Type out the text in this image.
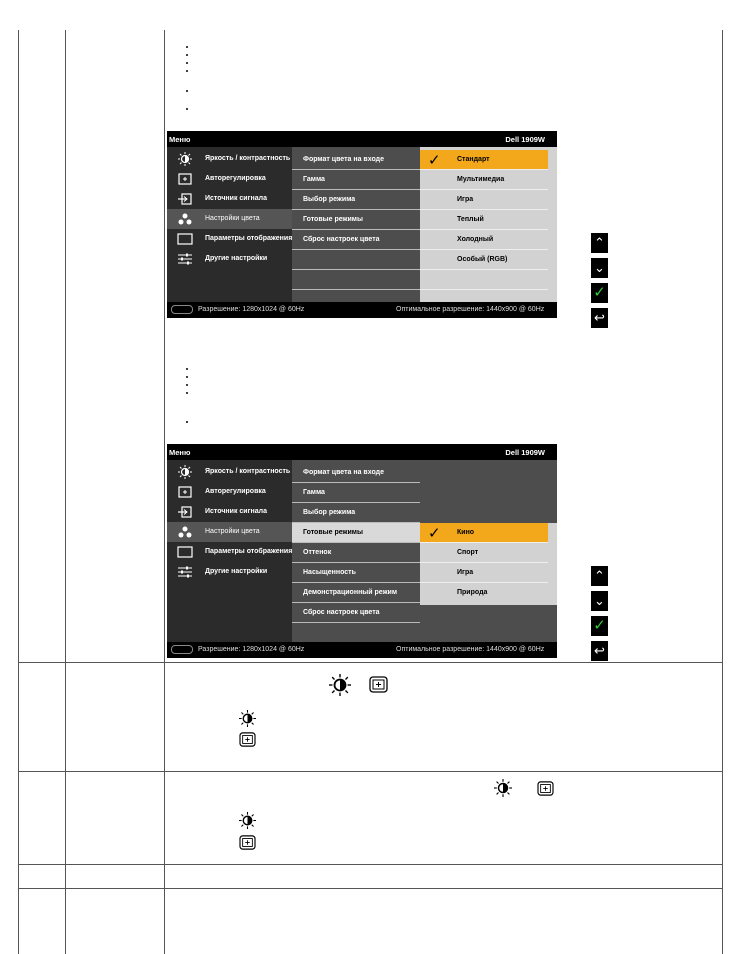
Меню	Dell 1909W
Яркость / контрастность
Авторегулировка
Источник сигнала
Настройки цвета
Параметры отображения
Другие настройки
Формат цвета на входе
Гамма
Выбор режима
Готовые режимы
Сброс настроек цвета
✓ Стандарт
Мультимедиа
Игра
Теплый
Холодный
Особый (RGB)
Разрешение: 1280x1024 @ 60Hz	Оптимальное разрешение: 1440x900 @ 60Hz
⌃
⌄
✓
↩
Меню	Dell 1909W
Яркость / контрастность
Авторегулировка
Источник сигнала
Настройки цвета
Параметры отображения
Другие настройки
Формат цвета на входе
Гамма
Выбор режима
Готовые режимы
Оттенок
Насыщенность
Демонстрационный режим
Сброс настроек цвета
✓ Кино
Спорт
Игра
Природа
Разрешение: 1280x1024 @ 60Hz	Оптимальное разрешение: 1440x900 @ 60Hz
⌃
⌄
✓
↩
